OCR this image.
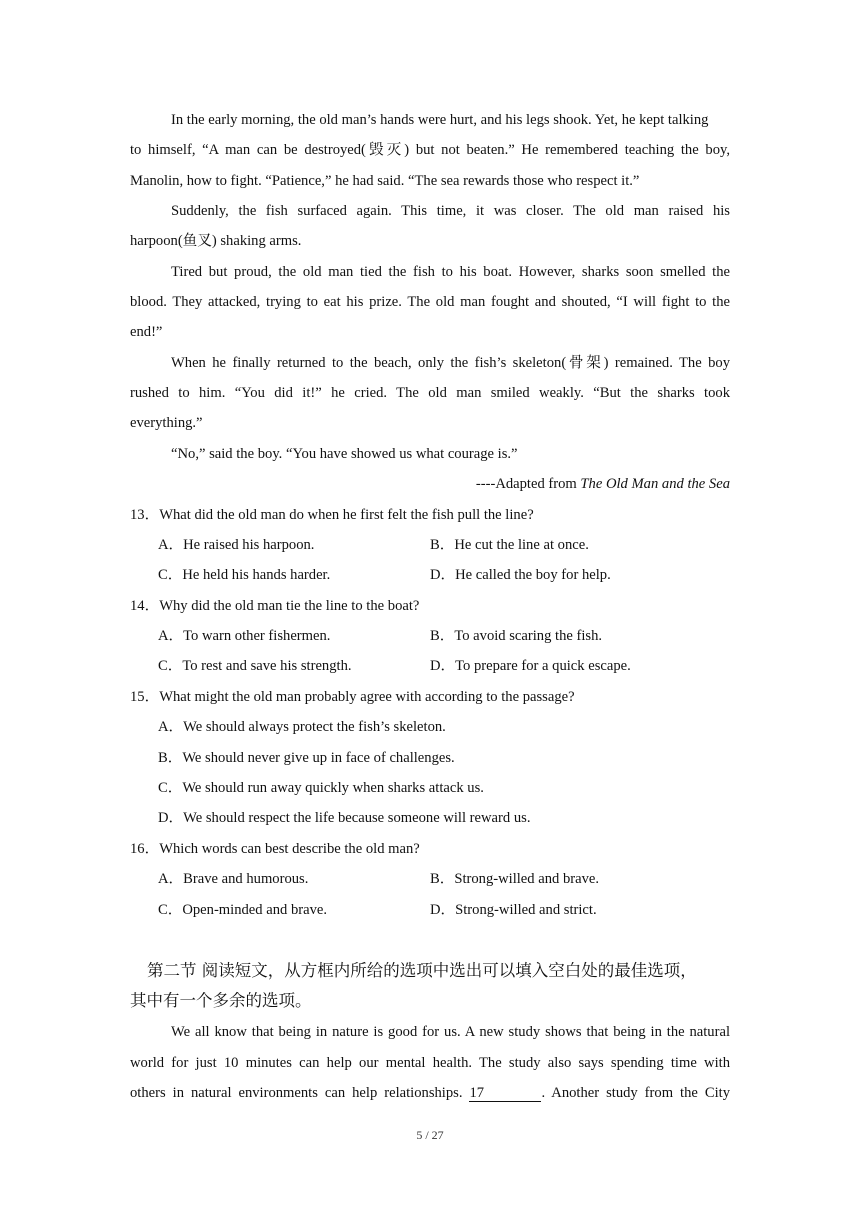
In the early morning, the old man’s hands were hurt, and his legs shook. Yet, he kept talking
to himself, “A man can be destroyed(毁灭) but not beaten.” He remembered teaching the boy,
Manolin, how to fight. “Patience,” he had said. “The sea rewards those who respect it.”
Suddenly, the fish surfaced again. This time, it was closer. The old man raised his
harpoon(鱼叉) shaking arms.
Tired but proud, the old man tied the fish to his boat. However, sharks soon smelled the
blood. They attacked, trying to eat his prize. The old man fought and shouted, “I will fight to the
end!”
When he finally returned to the beach, only the fish’s skeleton(骨架) remained. The boy
rushed to him. “You did it!” he cried. The old man smiled weakly. “But the sharks took
everything.”
“No,” said the boy. “You have showed us what courage is.”
----Adapted from The Old Man and the Sea
13．What did the old man do when he first felt the fish pull the line?
A．He raised his harpoon.	B．He cut the line at once.
C．He held his hands harder.	D．He called the boy for help.
14．Why did the old man tie the line to the boat?
A．To warn other fishermen.	B．To avoid scaring the fish.
C．To rest and save his strength.	D．To prepare for a quick escape.
15．What might the old man probably agree with according to the passage?
A．We should always protect the fish’s skeleton.
B．We should never give up in face of challenges.
C．We should run away quickly when sharks attack us.
D．We should respect the life because someone will reward us.
16．Which words can best describe the old man?
A．Brave and humorous.	B．Strong-willed and brave.
C．Open-minded and brave.	D．Strong-willed and strict.
第二节 阅读短文，从方框内所给的选项中选出可以填入空白处的最佳选项，
其中有一个多余的选项。
We all know that being in nature is good for us. A new study shows that being in the natural
world for just 10 minutes can help our mental health. The study also says spending time with
others in natural environments can help relationships. 17	. Another study from the City
5 / 27
